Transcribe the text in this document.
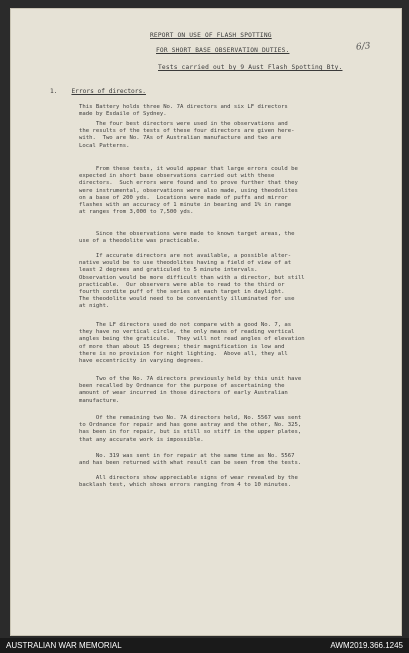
REPORT ON USE OF FLASH SPOTTING
6/3
FOR SHORT BASE OBSERVATION DUTIES.
Tests carried out by 9 Aust Flash Spotting Bty.
1. Errors of directors.
This Battery holds three No. 7A directors and six LF directors
made by Esdaile of Sydney.
The four best directors were used in the observations and
the results of the tests of these four directors are given here-
with.  Two are No. 7As of Australian manufacture and two are
Local Patterns.
From these tests, it would appear that large errors could be
expected in short base observations carried out with these
directors.  Such errors were found and to prove further that they
were instrumental, observations were also made, using theodolites
on a base of 200 yds.  Locations were made of puffs and mirror
flashes with an accuracy of 1 minute in bearing and 1% in range
at ranges from 3,000 to 7,500 yds.
Since the observations were made to known target areas, the
use of a theodolite was practicable.
If accurate directors are not available, a possible alter-
native would be to use theodolites having a field of view of at
least 2 degrees and graticuled to 5 minute intervals.
Observation would be more difficult than with a director, but still
practicable.  Our observers were able to read to the third or
fourth cordite puff of the series at each target in daylight.
The theodolite would need to be conveniently illuminated for use
at night.
The LF directors used do not compare with a good No. 7, as
they have no vertical circle, the only means of reading vertical
angles being the graticule.  They will not read angles of elevation
of more than about 15 degrees; their magnification is low and
there is no provision for night lighting.  Above all, they all
have eccentricity in varying degrees.
Two of the No. 7A directors previously held by this unit have
been recalled by Ordnance for the purpose of ascertaining the
amount of wear incurred in those directors of early Australian
manufacture.
Of the remaining two No. 7A directors held, No. 5567 was sent
to Ordnance for repair and has gone astray and the other, No. 325,
has been in for repair, but is still so stiff in the upper plates,
that any accurate work is impossible.
No. 319 was sent in for repair at the same time as No. 5567
and has been returned with what result can be seen from the tests.
All directors show appreciable signs of wear revealed by the
backlash test, which shows errors ranging from 4 to 10 minutes.
AUSTRALIAN WAR MEMORIAL	AWM2019.366.1245
